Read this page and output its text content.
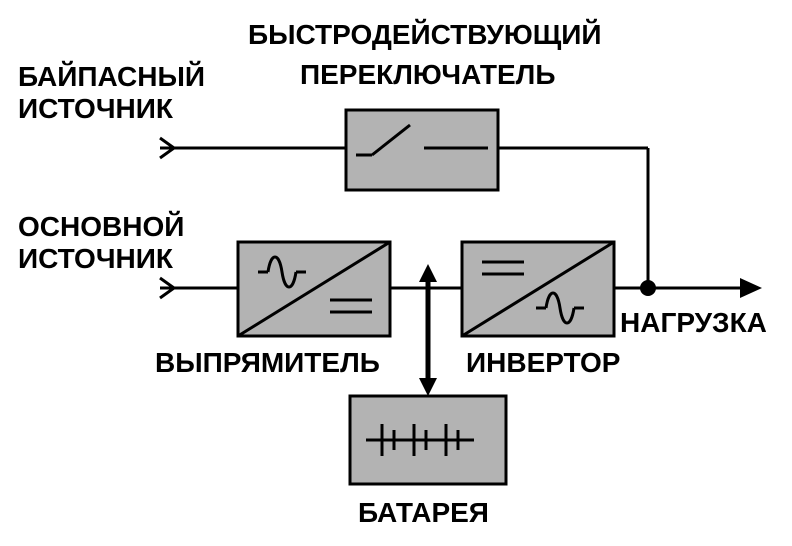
БЫСТРОДЕЙСТВУЮЩИЙ
ПЕРЕКЛЮЧАТЕЛЬ
БАЙПАСНЫЙ
ИСТОЧНИК
ОСНОВНОЙ
ИСТОЧНИК
ВЫПРЯМИТЕЛЬ	ИНВЕРТОР
БАТАРЕЯ
НАГРУЗКА
